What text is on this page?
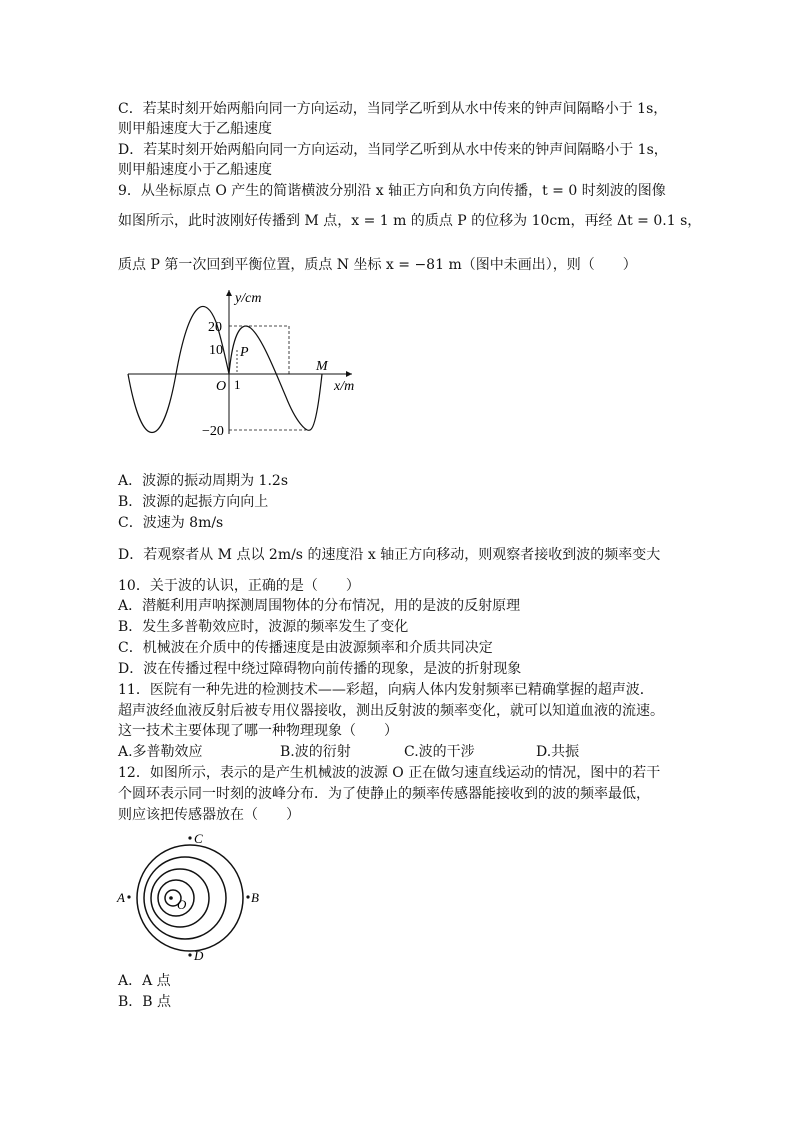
C．若某时刻开始两船向同一方向运动，当同学乙听到从水中传来的钟声间隔略小于 1s，
则甲船速度大于乙船速度
D．若某时刻开始两船向同一方向运动，当同学乙听到从水中传来的钟声间隔略小于 1s，
则甲船速度小于乙船速度
9．从坐标原点 O 产生的简谐横波分别沿 x 轴正方向和负方向传播，t = 0 时刻波的图像
如图所示，此时波刚好传播到 M 点，x = 1 m 的质点 P 的位移为 10cm，再经 Δt = 0.1 s，
质点 P 第一次回到平衡位置，质点 N 坐标 x = −81 m（图中未画出），则（　　）
y/cm
x/m
20
10
−20
O 1
P
M
A．波源的振动周期为 1.2s
B．波源的起振方向向上
C．波速为 8m/s
D．若观察者从 M 点以 2m/s 的速度沿 x 轴正方向移动，则观察者接收到波的频率变大
10．关于波的认识，正确的是（　　）
A．潜艇利用声呐探测周围物体的分布情况，用的是波的反射原理
B．发生多普勒效应时，波源的频率发生了变化
C．机械波在介质中的传播速度是由波源频率和介质共同决定
D．波在传播过程中绕过障碍物向前传播的现象，是波的折射现象
11．医院有一种先进的检测技术——彩超，向病人体内发射频率已精确掌握的超声波．
超声波经血液反射后被专用仪器接收，测出反射波的频率变化，就可以知道血液的流速。
这一技术主要体现了哪一种物理现象（　　）
A.多普勒效应	B.波的衍射	C.波的干涉	D.共振
12．如图所示，表示的是产生机械波的波源 O 正在做匀速直线运动的情况，图中的若干
个圆环表示同一时刻的波峰分布．为了使静止的频率传感器能接收到的波的频率最低，
则应该把传感器放在（　　）
C
A	B
D
O
A．A 点
B．B 点
